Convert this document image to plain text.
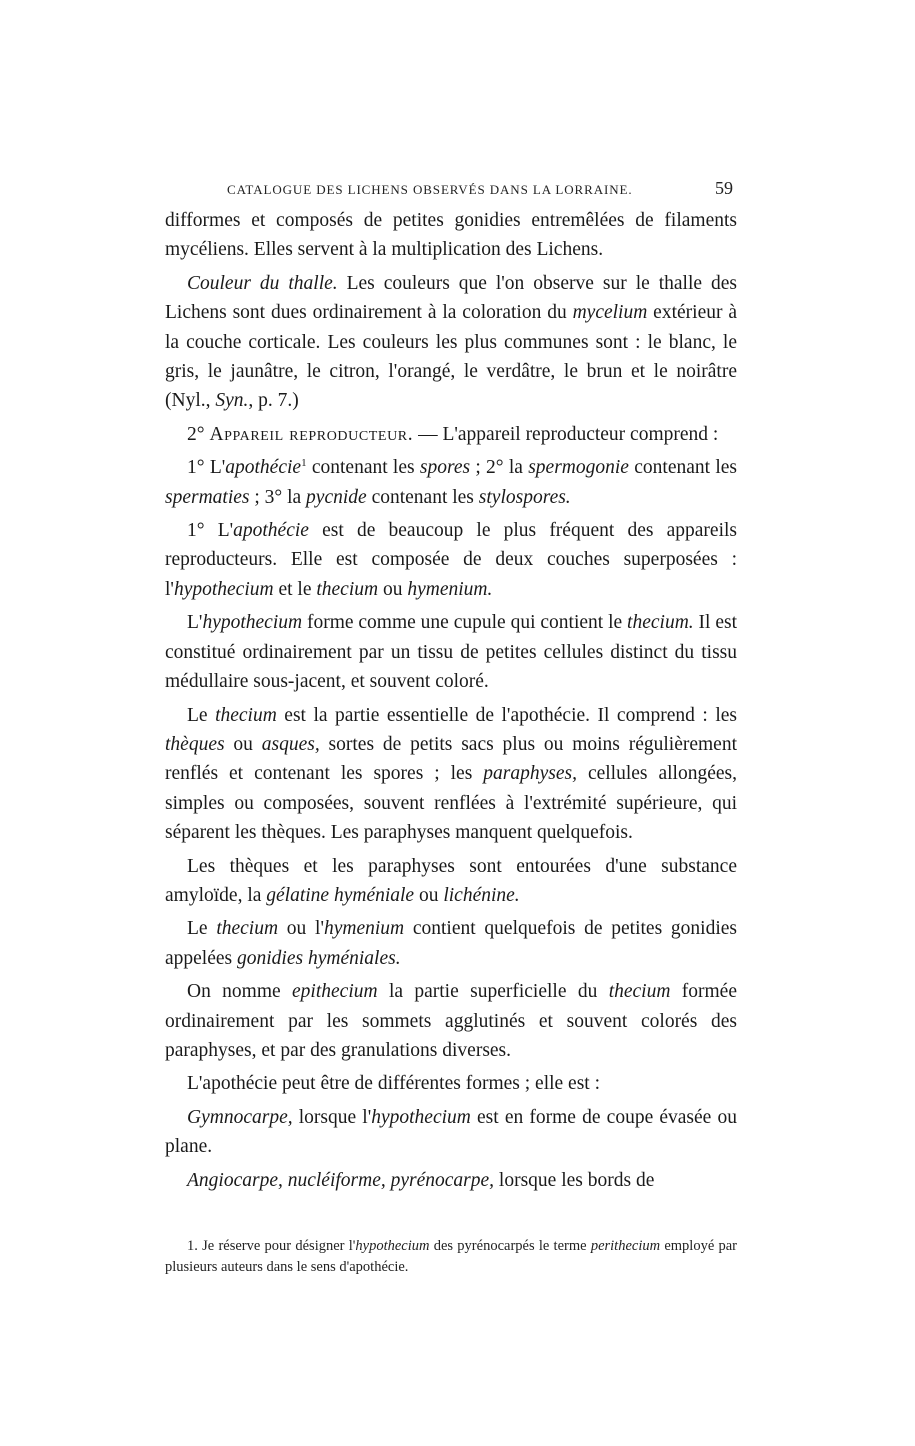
CATALOGUE DES LICHENS OBSERVÉS DANS LA LORRAINE.	59

difformes et composés de petites gonidies entremêlées de filaments mycéliens. Elles servent à la multiplication des Lichens.

Couleur du thalle. Les couleurs que l'on observe sur le thalle des Lichens sont dues ordinairement à la coloration du mycelium extérieur à la couche corticale. Les couleurs les plus communes sont : le blanc, le gris, le jaunâtre, le citron, l'orangé, le verdâtre, le brun et le noirâtre (Nyl., Syn., p. 7.)

2° Appareil reproducteur. — L'appareil reproducteur comprend :

1° L'apothécie$^1$ contenant les spores ; 2° la spermogonie contenant les spermaties ; 3° la pycnide contenant les stylospores.

1° L'apothécie est de beaucoup le plus fréquent des appareils reproducteurs. Elle est composée de deux couches superposées : l'hypothecium et le thecium ou hymenium.

L'hypothecium forme comme une cupule qui contient le thecium. Il est constitué ordinairement par un tissu de petites cellules distinct du tissu médullaire sous-jacent, et souvent coloré.

Le thecium est la partie essentielle de l'apothécie. Il comprend : les thèques ou asques, sortes de petits sacs plus ou moins régulièrement renflés et contenant les spores ; les paraphyses, cellules allongées, simples ou composées, souvent renflées à l'extrémité supérieure, qui séparent les thèques. Les paraphyses manquent quelquefois.

Les thèques et les paraphyses sont entourées d'une substance amyloïde, la gélatine hyméniale ou lichénine.

Le thecium ou l'hymenium contient quelquefois de petites gonidies appelées gonidies hyméniales.

On nomme epithecium la partie superficielle du thecium formée ordinairement par les sommets agglutinés et souvent colorés des paraphyses, et par des granulations diverses.

L'apothécie peut être de différentes formes ; elle est :

Gymnocarpe, lorsque l'hypothecium est en forme de coupe évasée ou plane.

Angiocarpe, nucléiforme, pyrénocarpe, lorsque les bords de

1. Je réserve pour désigner l'hypothecium des pyrénocarpés le terme perithecium employé par plusieurs auteurs dans le sens d'apothécie.
